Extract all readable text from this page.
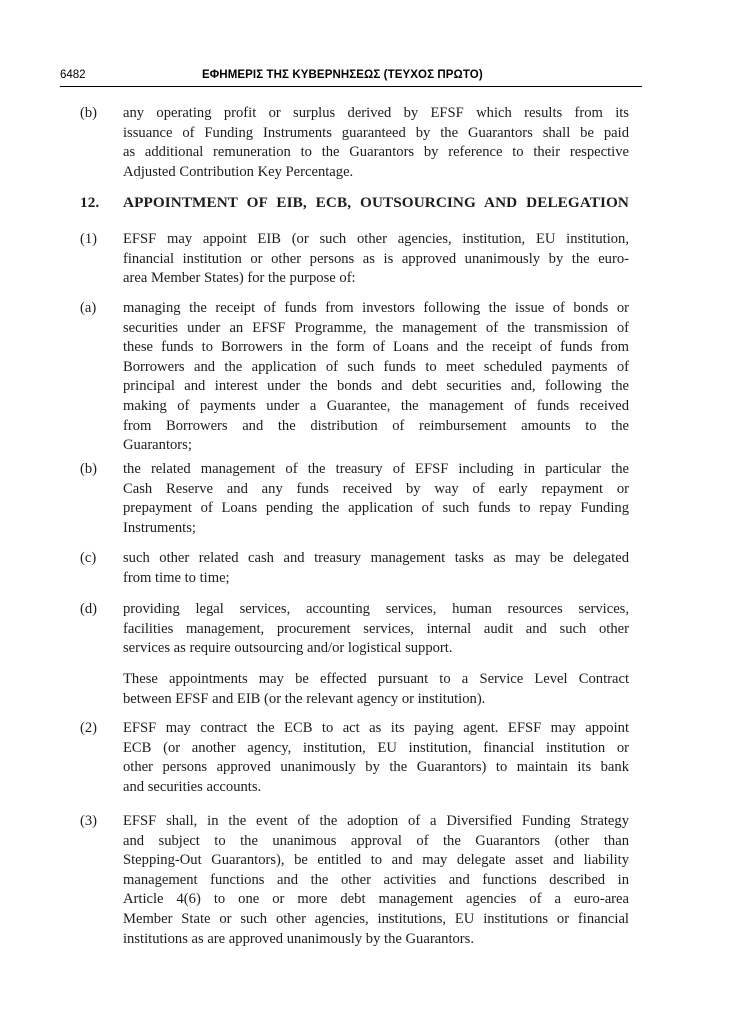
6482	ΕΦΗΜΕΡΙΣ ΤΗΣ ΚΥΒΕΡΝΗΣΕΩΣ (ΤΕΥΧΟΣ ΠΡΩΤΟ)
(b)	any operating profit or surplus derived by EFSF which results from its
issuance of Funding Instruments guaranteed by the Guarantors shall be paid
as additional remuneration to the Guarantors by reference to their respective
Adjusted Contribution Key Percentage.
12.	APPOINTMENT OF EIB, ECB, OUTSOURCING AND DELEGATION
(1)	EFSF may appoint EIB (or such other agencies, institution, EU institution,
financial institution or other persons as is approved unanimously by the euro-
area Member States) for the purpose of:
(a)	managing the receipt of funds from investors following the issue of bonds or
securities under an EFSF Programme, the management of the transmission of
these funds to Borrowers in the form of Loans and the receipt of funds from
Borrowers and the application of such funds to meet scheduled payments of
principal and interest under the bonds and debt securities and, following the
making of payments under a Guarantee, the management of funds received
from Borrowers and the distribution of reimbursement amounts to the
Guarantors;
(b)	the related management of the treasury of EFSF including in particular the
Cash Reserve and any funds received by way of early repayment or
prepayment of Loans pending the application of such funds to repay Funding
Instruments;
(c)	such other related cash and treasury management tasks as may be delegated
from time to time;
(d)	providing legal services, accounting services, human resources services,
facilities management, procurement services, internal audit and such other
services as require outsourcing and/or logistical support.
These appointments may be effected pursuant to a Service Level Contract
between EFSF and EIB (or the relevant agency or institution).
(2)	EFSF may contract the ECB to act as its paying agent. EFSF may appoint
ECB (or another agency, institution, EU institution, financial institution or
other persons approved unanimously by the Guarantors) to maintain its bank
and securities accounts.
(3)	EFSF shall, in the event of the adoption of a Diversified Funding Strategy
and subject to the unanimous approval of the Guarantors (other than
Stepping-Out Guarantors), be entitled to and may delegate asset and liability
management functions and the other activities and functions described in
Article 4(6) to one or more debt management agencies of a euro-area
Member State or such other agencies, institutions, EU institutions or financial
institutions as are approved unanimously by the Guarantors.
